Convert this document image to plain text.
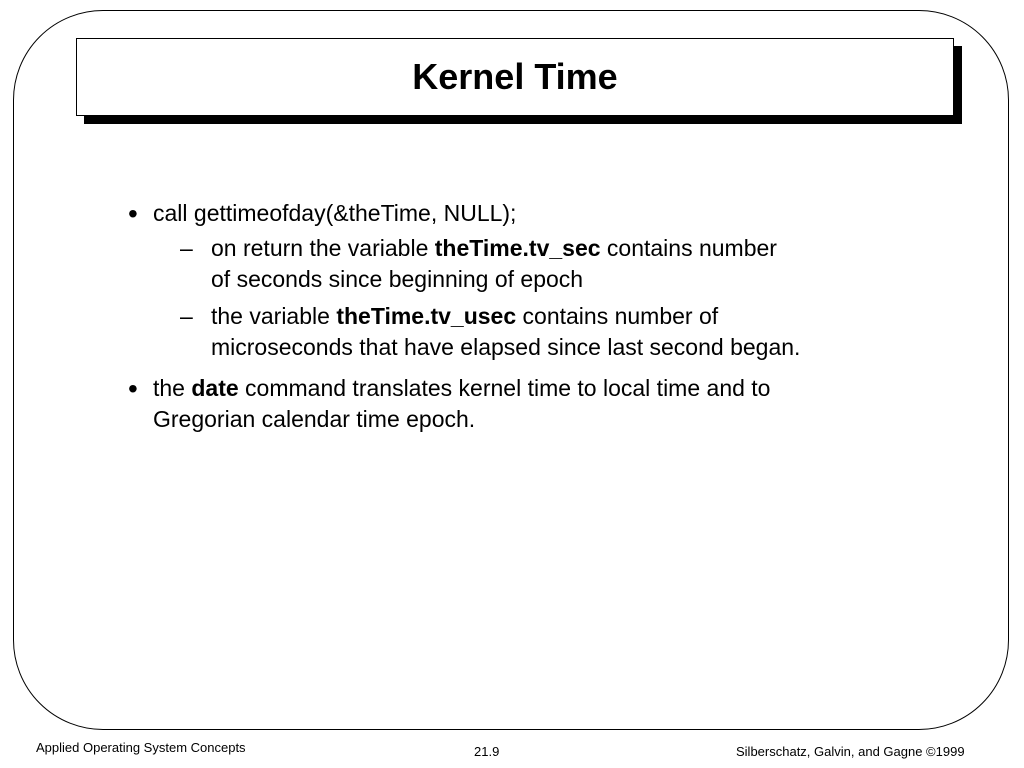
Kernel Time
• call gettimeofday(&theTime, NULL);
– on return the variable theTime.tv_sec contains number
of seconds since beginning of epoch
– the variable theTime.tv_usec contains number of
microseconds that have elapsed since last second began.
• the date command translates kernel time to local time and to
Gregorian calendar time epoch.
Applied Operating System Concepts	21.9	Silberschatz, Galvin, and Gagne ©1999
